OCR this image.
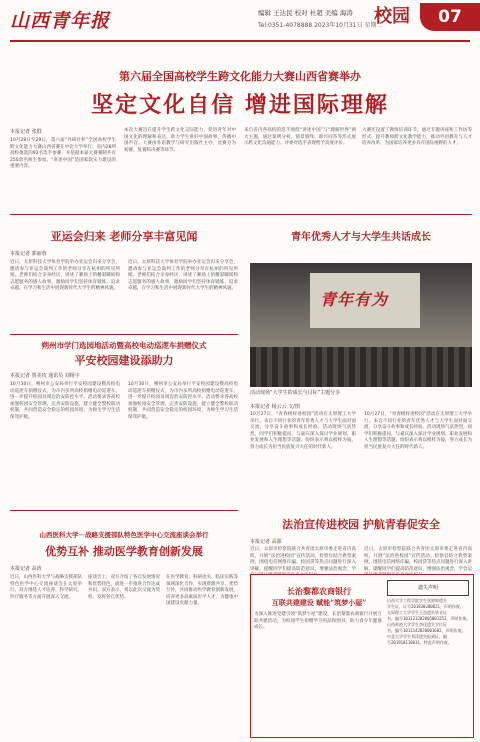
山西青年报	编辑 王达民 校对 杜超 美编 海涛
Tel:0351-4078888 2023年10月31日 星期二
校园	07
第六届全国高校学生跨文化能力大赛山西省赛举办
坚定文化自信 增进国际理解
本报记者 张群
10月28日至29日，第六届“外研社杯”全国高校学生跨文化能力大赛山西省赛在中北大学举行。省内28所高校推选的92名选手参赛，并依据本届大赛赛制共有250余名师生参加。“讲述中国”是国家软实力建设的重要内容。
本次大赛旨在提升学生跨文化交际能力，促进青年对中国文化的理解和表达，助力学生讲好中国故事、传播中国声音。大赛由外语教学与研究出版社主办，比赛分为初赛、复赛和决赛等环节。
来自省内各高校的选手围绕“讲述中国”与“理解世界”两大主题，通过案例分析、情景演绎、即兴问答等形式展示跨文化沟通能力。评委对选手表现给予高度评价。
大赛还设置了教师培训环节，通过专题讲座和工作坊等形式，提升教师跨文化教学能力，推动外语教育与人才培养改革，为国家培养更多具有国际视野的人才。
亚运会归来 老师分享丰富见闻
本报记者 郭丽蓉
近日，太原科技大学体育学院举办亚运会归来分享会，邀请参与亚运会裁判工作的老师分享在杭州的所见所闻。老师们结合亲身经历，讲述了赛场上的精彩瞬间和志愿服务的感人故事，激励同学们坚持体育锻炼、追求卓越，在学习和生活中展现新时代大学生的精神风貌。
近日，太原科技大学体育学院举办亚运会归来分享会，邀请参与亚运会裁判工作的老师分享在杭州的所见所闻。老师们结合亲身经历，讲述了赛场上的精彩瞬间和志愿服务的感人故事，激励同学们坚持体育锻炼、追求卓越，在学习和生活中展现新时代大学生的精神风貌。
青年优秀人才与大学生共话成长
青年有为
活动现场“大学生的成长与目标”主题分享
本报记者 杨云云 文/图
10月27日，“青春榜样进校园”活动在太原理工大学举行。来自不同行业的青年优秀人才与大学生面对面交流，分享奋斗故事和成长经验。活动现场气氛热烈，同学们积极提问，与嘉宾深入探讨学业规划、职业发展和人生理想等话题，纷纷表示将以榜样为镜，努力成长为担当民族复兴大任的时代新人。
10月27日，“青春榜样进校园”活动在太原理工大学举行。来自不同行业的青年优秀人才与大学生面对面交流，分享奋斗故事和成长经验。活动现场气氛热烈，同学们积极提问，与嘉宾深入探讨学业规划、职业发展和人生理想等话题，纷纷表示将以榜样为镜，努力成长为担当民族复兴大任的时代新人。
朔州市学门选园地活动暨高校电动巡逻车捐赠仪式
平安校园建设添助力
本报记者 贾美玫 通讯员 刘杨宇
10月30日，朔州市公安局举行平安校园建设暨高校电动巡逻车捐赠仪式，为市内多所高校捐赠电动巡逻车，进一步提升校园及周边治安防控水平。活动要求各高校加强校园安全管理，完善安防设施，建立健全警校联动机制，共同营造安全稳定的校园环境，为师生学习生活保驾护航。
10月30日，朔州市公安局举行平安校园建设暨高校电动巡逻车捐赠仪式，为市内多所高校捐赠电动巡逻车，进一步提升校园及周边治安防控水平。活动要求各高校加强校园安全管理，完善安防设施，建立健全警校联动机制，共同营造安全稳定的校园环境，为师生学习生活保驾护航。
法治宣传进校园 护航青春促安全
本报记者 高源
近日，太原市检察院联合共青团太原市委走进省内高校，开展“法治进校园”宣传活动。检察官结合典型案例，围绕电信网络诈骗、校园贷等热点问题进行深入讲解，提醒同学们提高防范意识，增强法治观念，学
近日，太原市检察院联合共青团太原市委走进省内高校，开展“法治进校园”宣传活动。检察官结合典型案例，围绕电信网络诈骗、校园贷等热点问题进行深入讲解，提醒同学们提高防范意识，增强法治观念，学会运
山西医科大学－战略支援部队特色医学中心交流座谈会举行
优势互补 推动医学教育创新发展
本报记者 高涛
近日，山西医科大学与战略支援部队特色医学中心交流座谈会在太原举行。双方围绕人才培养、科学研究、医疗服务等方面开展深入交流。
座谈会上，双方介绍了各自发展情况和优势特色，就进一步推进合作达成共识。双方表示，将以此次交流为契机，发挥各自优势。
在医学教育、科研攻关、临床实践等领域深化合作，实现资源共享、优势互补，共同推动医学教育创新发展，培养更多高素质医学人才，为健康中国建设贡献力量。
长治黎都农商银行
互联共建建设 赋能“筑梦小屋”
为深入推进党建引领“筑梦小屋”建设，长治黎都农商银行开展互联共建活动，为校园学生捐赠学习用品和图书，助力青少年健康成长。
遗失声明
山西大学工程学院学生张婷婷遗失
学生证，证号201830200021，声明作废。
太原理工大学学生王浩遗失毕业证
书，编号101121202005001253，声明作废。
山西师范大学学生李佳遗失学位证
书，编号1011142020001682，声明作废。
中北大学学生刘洋遗失报到证，编
号201910110031，特此声明作废。
